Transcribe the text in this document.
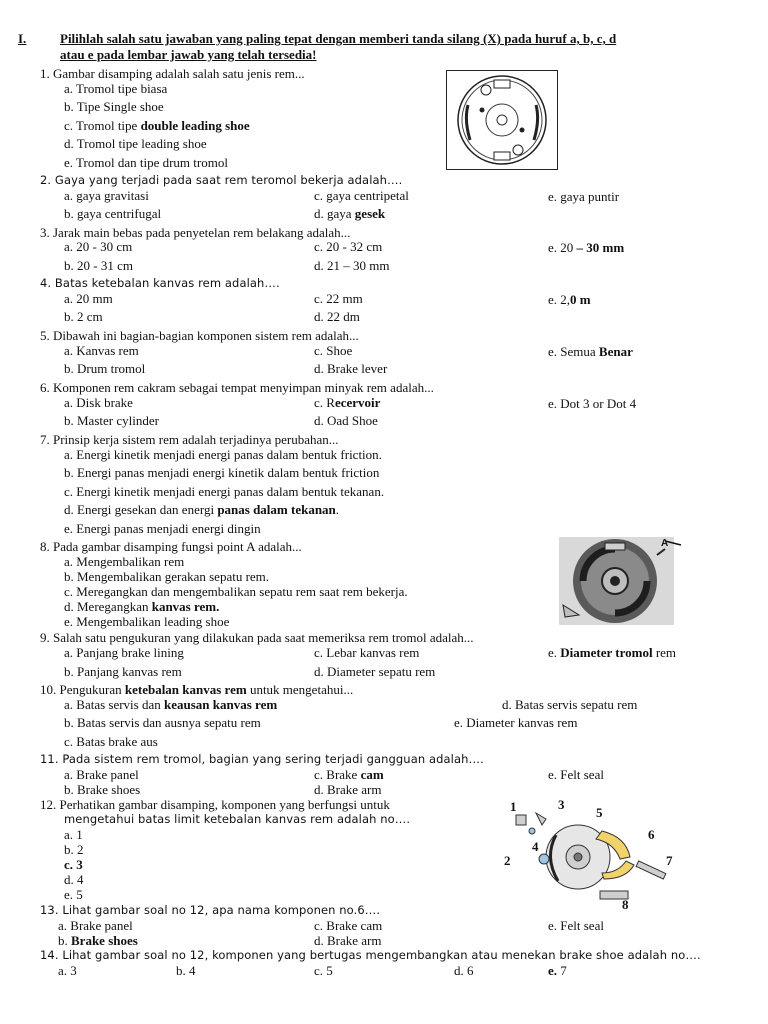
I.	Pilihlah salah satu jawaban yang paling tepat dengan memberi tanda silang (X) pada huruf a, b, c, d
atau e pada lembar jawab yang telah tersedia!
1. Gambar disamping adalah salah satu jenis rem...
a. Tromol tipe biasa
b. Tipe Single shoe
c. Tromol tipe double leading shoe
d. Tromol tipe leading shoe
e. Tromol dan tipe drum tromol
2. Gaya yang terjadi pada saat rem teromol bekerja adalah….
a. gaya gravitasi	c. gaya centripetal	e. gaya puntir
b. gaya centrifugal	d. gaya gesek
3. Jarak main bebas pada penyetelan rem belakang adalah...
a. 20 - 30 cm	c. 20 - 32 cm	e. 20 – 30 mm
b. 20 - 31 cm	d. 21 – 30 mm
4. Batas ketebalan kanvas rem adalah….
a. 20 mm	c. 22 mm	e. 2,0 m
b. 2 cm	d. 22 dm
5. Dibawah ini bagian-bagian komponen sistem rem adalah...
a. Kanvas rem	c. Shoe	e. Semua Benar
b. Drum tromol	d. Brake lever
6. Komponen rem cakram sebagai tempat menyimpan minyak rem adalah...
a. Disk brake	c. Recervoir	e. Dot 3 or Dot 4
b. Master cylinder	d. Oad Shoe
7. Prinsip kerja sistem rem adalah terjadinya perubahan...
a. Energi kinetik menjadi energi panas dalam bentuk friction.
b. Energi panas menjadi energi kinetik dalam bentuk friction
c. Energi kinetik menjadi energi panas dalam bentuk tekanan.
d. Energi gesekan dan energi panas dalam tekanan.
e. Energi panas menjadi energi dingin
8. Pada gambar disamping fungsi point A adalah...
a. Mengembalikan rem
b. Mengembalikan gerakan sepatu rem.
c. Meregangkan dan mengembalikan sepatu rem saat rem bekerja.
d. Meregangkan kanvas rem.
e. Mengembalikan leading shoe
9. Salah satu pengukuran yang dilakukan pada saat memeriksa rem tromol adalah...
a. Panjang brake lining	c. Lebar kanvas rem	e. Diameter tromol rem
b. Panjang kanvas rem	d. Diameter sepatu rem
10. Pengukuran ketebalan kanvas rem untuk mengetahui...
a. Batas servis dan keausan kanvas rem	d. Batas servis sepatu rem
b. Batas servis dan ausnya sepatu rem	e. Diameter kanvas rem
c. Batas brake aus
11. Pada sistem rem tromol, bagian yang sering terjadi gangguan adalah….
a. Brake panel	c. Brake cam	e. Felt seal
b. Brake shoes	d. Brake arm
12. Perhatikan gambar disamping, komponen yang berfungsi untuk
mengetahui batas limit ketebalan kanvas rem adalah no….
a. 1
b. 2
c. 3
d. 4
e. 5
13. Lihat gambar soal no 12, apa nama komponen no.6….
a. Brake panel	c. Brake cam	e. Felt seal
b. Brake shoes	d. Brake arm
14. Lihat gambar soal no 12, komponen yang bertugas mengembangkan atau menekan brake shoe adalah no….
a. 3	b. 4	c. 5	d. 6	e. 7
A
1
2
3
4
5
6
7
8
